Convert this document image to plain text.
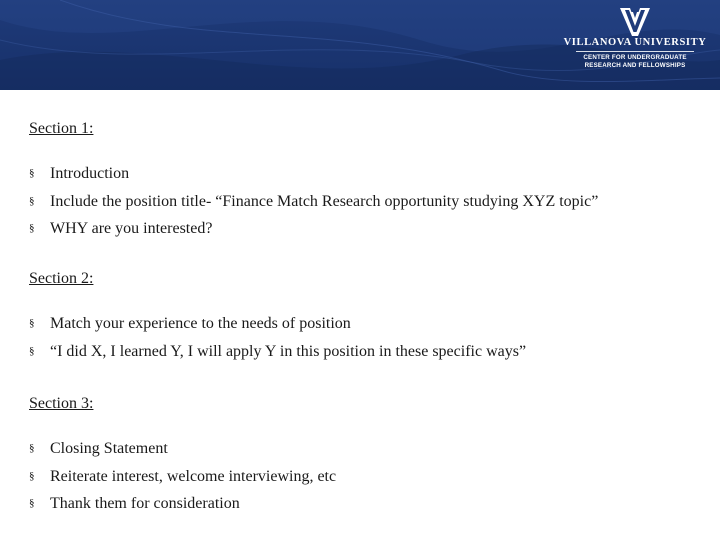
VILLANOVA UNIVERSITY
CENTER FOR UNDERGRADUATE
RESEARCH AND FELLOWSHIPS

Section 1:

§ Introduction
§ Include the position title- “Finance Match Research opportunity studying XYZ topic”
§ WHY are you interested?

Section 2:

§ Match your experience to the needs of position
§ “I did X, I learned Y, I will apply Y in this position in these specific ways”

Section 3:

§ Closing Statement
§ Reiterate interest, welcome interviewing, etc
§ Thank them for consideration
